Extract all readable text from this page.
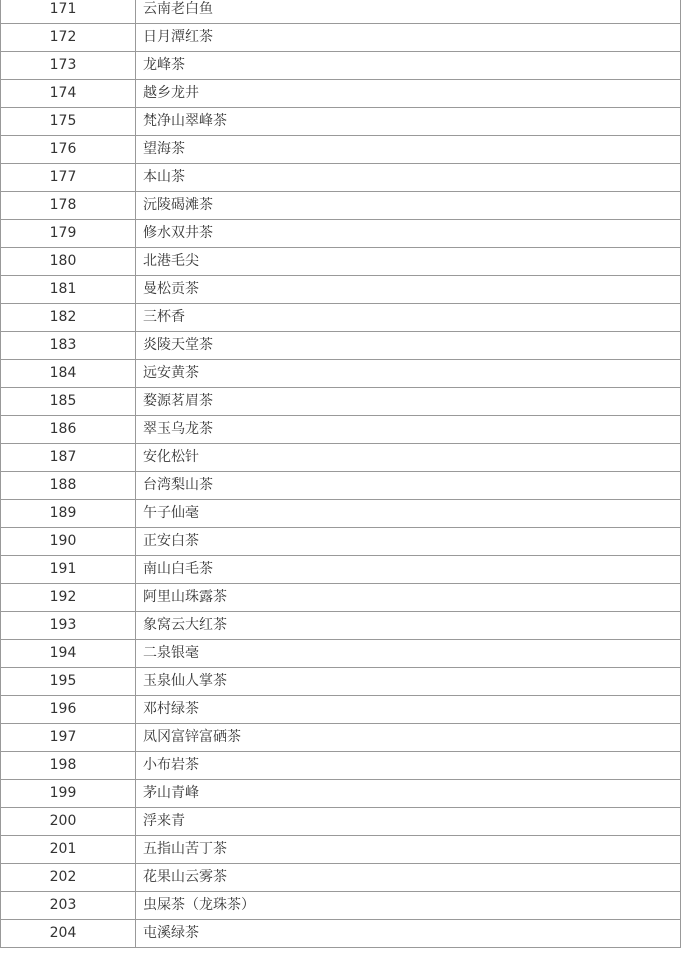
171	云南老白鱼
172	日月潭红茶
173	龙峰茶
174	越乡龙井
175	梵净山翠峰茶
176	望海茶
177	本山茶
178	沅陵碣滩茶
179	修水双井茶
180	北港毛尖
181	曼松贡茶
182	三杯香
183	炎陵天堂茶
184	远安黄茶
185	婺源茗眉茶
186	翠玉乌龙茶
187	安化松针
188	台湾梨山茶
189	午子仙毫
190	正安白茶
191	南山白毛茶
192	阿里山珠露茶
193	象窝云大红茶
194	二泉银毫
195	玉泉仙人掌茶
196	邓村绿茶
197	凤冈富锌富硒茶
198	小布岩茶
199	茅山青峰
200	浮来青
201	五指山苦丁茶
202	花果山云雾茶
203	虫屎茶（龙珠茶）
204	屯溪绿茶
